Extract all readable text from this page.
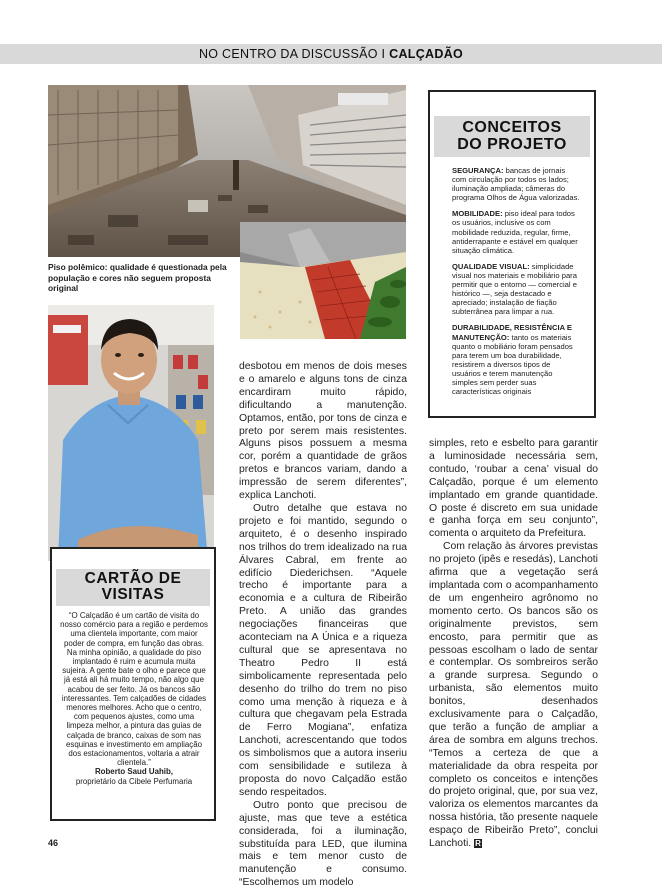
NO CENTRO DA DISCUSSÃO I CALÇADÃO
Piso polêmico: qualidade é questionada pela população e cores não seguem proposta original
CONCEITOS
DO PROJETO
SEGURANÇA: bancas de jornais com circulação por todos os lados; iluminação ampliada; câmeras do programa Olhos de Água valorizadas.
MOBILIDADE: piso ideal para todos os usuários, inclusive os com mobilidade reduzida, regular, firme, antiderrapante e estável em qualquer situação climática.
QUALIDADE VISUAL: simplicidade visual nos materiais e mobiliário para permitir que o entorno — comercial e histórico —, seja destacado e apreciado; instalação de fiação subterrânea para limpar a rua.
DURABILIDADE, RESISTÊNCIA E MANUTENÇÃO: tanto os materiais quanto o mobiliário foram pensados para terem um boa durabilidade, resistirem a diversos tipos de usuários e terem manutenção simples sem perder suas características originais
CARTÃO DE
VISITAS
“O Calçadão é um cartão de visita do nosso comércio para a região e perdemos uma clientela importante, com maior poder de compra, em função das obras. Na minha opinião, a qualidade do piso implantado é ruim e acumula muita sujeira. A gente bate o olho e parece que já está ali há muito tempo, não algo que acabou de ser feito. Já os bancos são interessantes. Tem calçadões de cidades menores melhores. Acho que o centro, com pequenos ajustes, como uma limpeza melhor, a pintura das guias de calçada de branco, caixas de som nas esquinas e investimento em ampliação dos estacionamentos, voltaria a atrair clientela.”
Roberto Saud Uahib,
proprietário da Cibele Perfumaria

desbotou em menos de dois meses e o amarelo e alguns tons de cinza encardiram muito rápido, dificultando a manutenção. Optamos, então, por tons de cinza e preto por serem mais resistentes. Alguns pisos possuem a mesma cor, porém a quantidade de grãos pretos e brancos variam, dando a impressão de serem diferentes”, explica Lanchoti.

Outro detalhe que estava no projeto e foi mantido, segundo o arquiteto, é o desenho inspirado nos trilhos do trem idealizado na rua Álvares Cabral, em frente ao edifício Diederichsen. “Aquele trecho é importante para a economia e a cultura de Ribeirão Preto. A união das grandes negociações financeiras que aconteciam na A Única e a riqueza cultural que se apresentava no Theatro Pedro II está simbolicamente representada pelo desenho do trilho do trem no piso como uma menção à riqueza e à cultura que chegavam pela Estrada de Ferro Mogiana”, enfatiza Lanchoti, acrescentando que todos os simbolismos que a autora inseriu com sensibilidade e sutileza à proposta do novo Calçadão estão sendo respeitados.

Outro ponto que precisou de ajuste, mas que teve a estética considerada, foi a iluminação, substituída para LED, que ilumina mais e tem menor custo de manutenção e consumo. “Escolhemos um modelo

simples, reto e esbelto para garantir a luminosidade necessária sem, contudo, ‘roubar a cena’ visual do Calçadão, porque é um elemento implantado em grande quantidade. O poste é discreto em sua unidade e ganha força em seu conjunto”, comenta o arquiteto da Prefeitura.

Com relação às árvores previstas no projeto (ipês e resedás), Lanchoti afirma que a vegetação será implantada com o acompanhamento de um engenheiro agrônomo no momento certo. Os bancos são os originalmente previstos, sem encosto, para permitir que as pessoas escolham o lado de sentar e contemplar. Os sombreiros serão a grande surpresa. Segundo o urbanista, são elementos muito bonitos, desenhados exclusivamente para o Calçadão, que terão a função de ampliar a área de sombra em alguns trechos. “Temos a certeza de que a materialidade da obra respeita por completo os conceitos e intenções do projeto original, que, por sua vez, valoriza os elementos marcantes da nossa história, tão presente naquele espaço de Ribeirão Preto”, conclui Lanchoti. R

46
